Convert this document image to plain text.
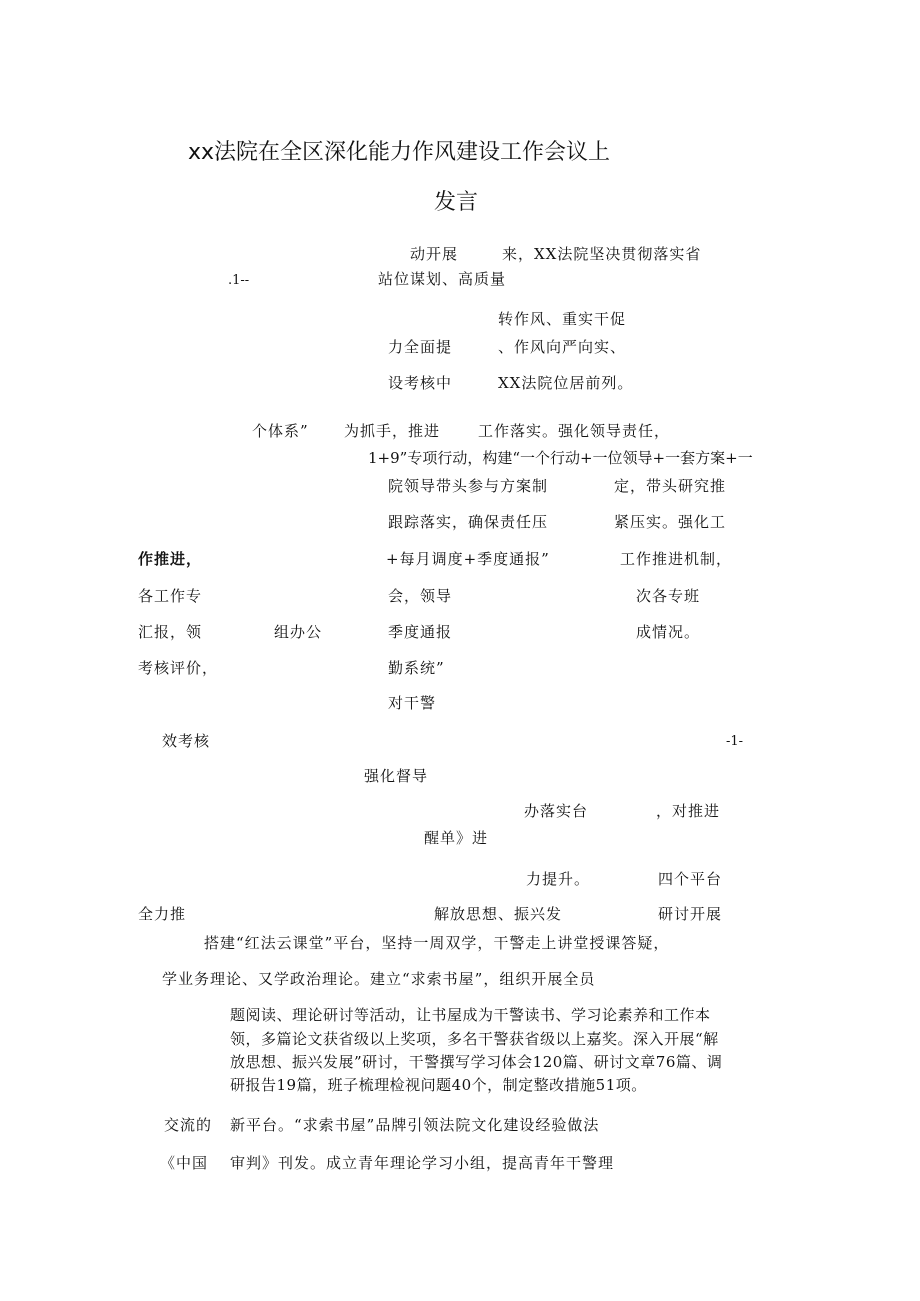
xx法院在全区深化能力作风建设工作会议上
发言
动开展	来，XX法院坚决贯彻落实省
.1--	站位谋划、高质量
转作风、重实干促
力全面提	、作风向严向实、
设考核中	XX法院位居前列。
个体系” 为抓手，推进	工作落实。强化领导责任，
1+9”专项行动，构建“一个行动+一位领导+一套方案+一
院领导带头参与方案制	定，带头研究推
跟踪落实，确保责任压	紧压实。强化工
作推进，	+每月调度+季度通报”	工作推进机制，
各工作专	会，领导	次各专班
汇报，领	组办公	季度通报	成情况。
考核评价，	勤系统”
对干警
效考核	-1-
强化督导
办落实台	，对推进
醒单》进
力提升。	四个平台
全力推	解放思想、振兴发	研讨开展
搭建“红法云课堂”平台，坚持一周双学，干警走上讲堂授课答疑，
学业务理论、又学政治理论。建立“求索书屋”，组织开展全员
题阅读、理论研讨等活动，让书屋成为干警读书、学习论素养和工作本
领，多篇论文获省级以上奖项，多名干警获省级以上嘉奖。深入开展“解
放思想、振兴发展”研讨，干警撰写学习体会120篇、研讨文章76篇、调
研报告19篇，班子梳理检视问题40个，制定整改措施51项。
交流的 新平台。“求索书屋”品牌引领法院文化建设经验做法
《中国 审判》刊发。成立青年理论学习小组，提高青年干警理
